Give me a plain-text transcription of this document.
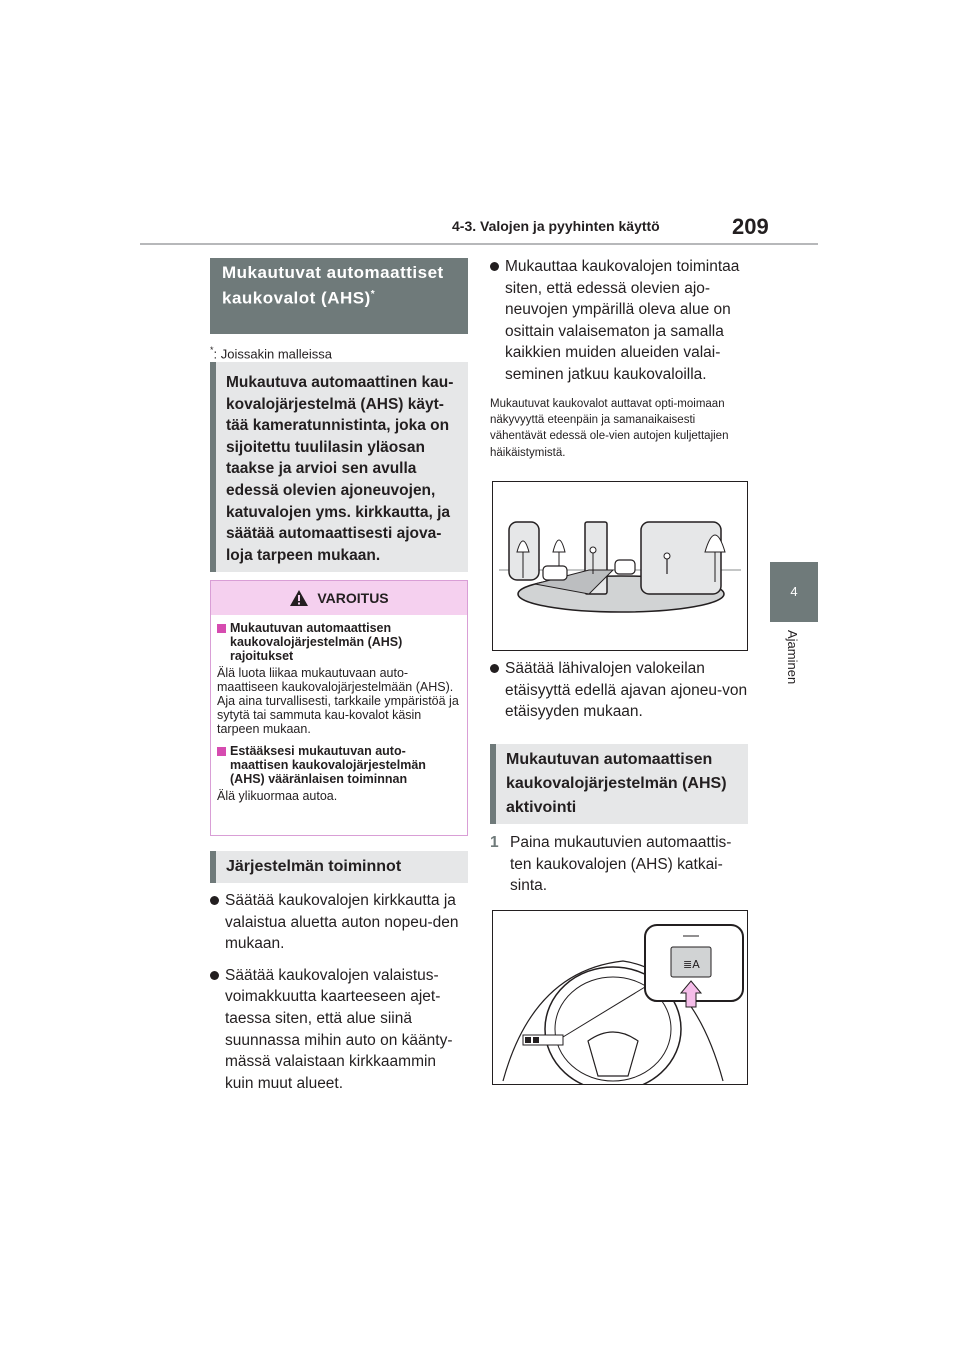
4-3. Valojen ja pyyhinten käyttö	209
4
Ajaminen
Mukautuvat automaattiset kaukovalot (AHS)*
*: Joissakin malleissa
Mukautuva automaattinen kau-kovalojärjestelmä (AHS) käyt-tää kameratunnistinta, joka on sijoitettu tuulilasin yläosan taakse ja arvioi sen avulla edessä olevien ajoneuvojen, katuvalojen yms. kirkkautta, ja säätää automaattisesti ajova-loja tarpeen mukaan.
VAROITUS
Mukautuvan automaattisen kaukovalojärjestelmän (AHS) rajoitukset
Älä luota liikaa mukautuvaan auto-maattiseen kaukovalojärjestelmään (AHS). Aja aina turvallisesti, tarkkaile ympäristöä ja sytytä tai sammuta kau-kovalot käsin tarpeen mukaan.
Estääksesi mukautuvan auto-maattisen kaukovalojärjestelmän (AHS) vääränlaisen toiminnan
Älä ylikuormaa autoa.
Järjestelmän toiminnot
Säätää kaukovalojen kirkkautta ja valaistua aluetta auton nopeu-den mukaan.
Säätää kaukovalojen valaistus-voimakkuutta kaarteeseen ajet-taessa siten, että alue siinä suunnassa mihin auto on käänty-mässä valaistaan kirkkaammin kuin muut alueet.
Mukauttaa kaukovalojen toimintaa siten, että edessä olevien ajo-neuvojen ympärillä oleva alue on osittain valaisematon ja samalla kaikkien muiden alueiden valai-seminen jatkuu kaukovaloilla.
Mukautuvat kaukovalot auttavat opti-moimaan näkyvyyttä eteenpäin ja samanaikaisesti vähentävät edessä ole-vien autojen kuljettajien häikäistymistä.
Säätää lähivalojen valokeilan etäisyyttä edellä ajavan ajoneu-von etäisyyden mukaan.
Mukautuvan automaattisen kaukovalojärjestelmän (AHS) aktivointi
1 Paina mukautuvien automaattis-ten kaukovalojen (AHS) katkai-sinta.
≣A
